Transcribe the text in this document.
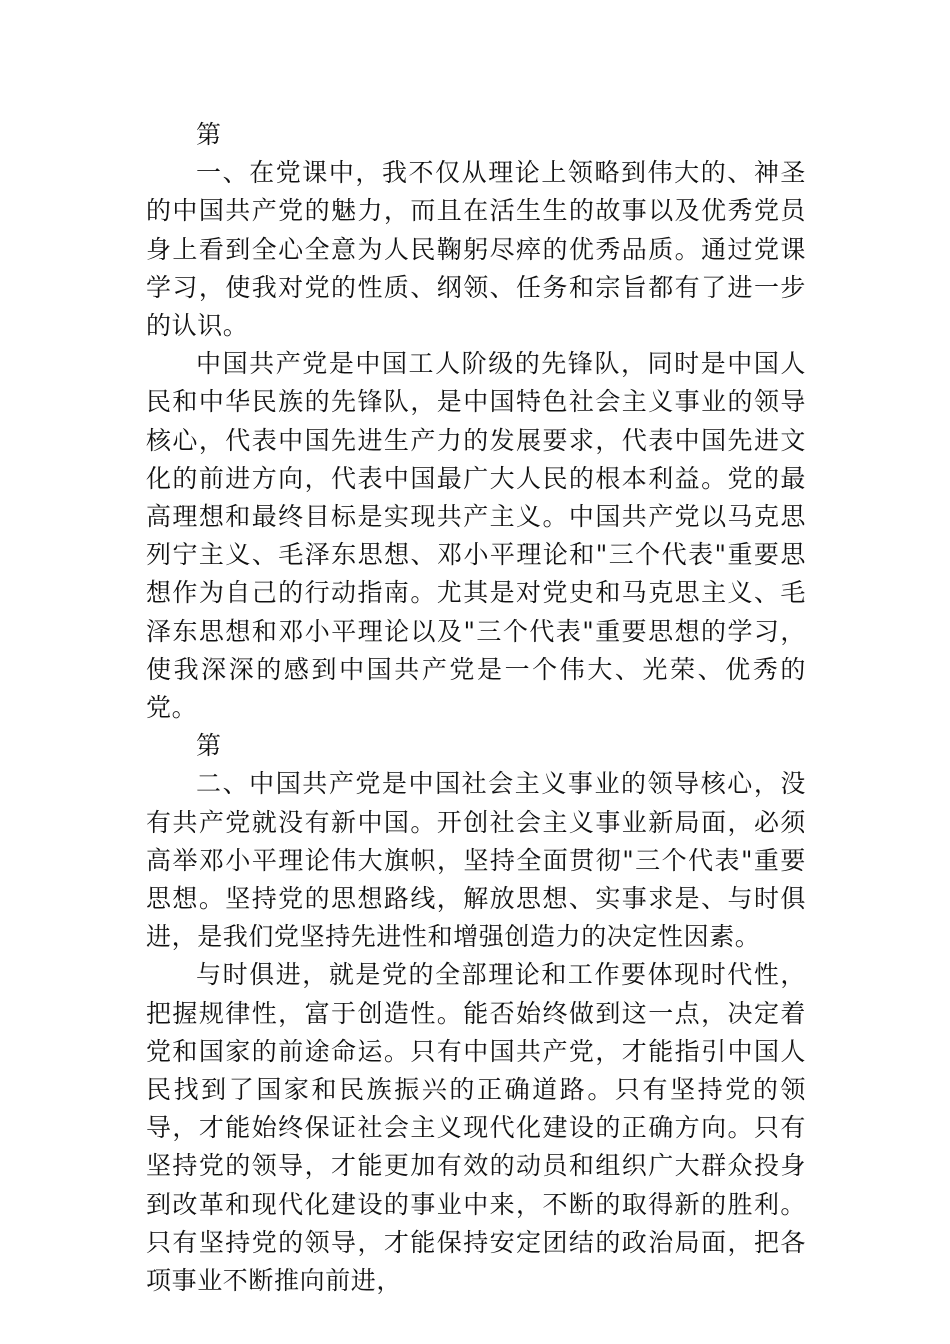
第

一、在党课中，我不仅从理论上领略到伟大的、神圣的中国共产党的魅力，而且在活生生的故事以及优秀党员身上看到全心全意为人民鞠躬尽瘁的优秀品质。通过党课学习，使我对党的性质、纲领、任务和宗旨都有了进一步的认识。

中国共产党是中国工人阶级的先锋队，同时是中国人民和中华民族的先锋队，是中国特色社会主义事业的领导核心，代表中国先进生产力的发展要求，代表中国先进文化的前进方向，代表中国最广大人民的根本利益。党的最高理想和最终目标是实现共产主义。中国共产党以马克思列宁主义、毛泽东思想、邓小平理论和"三个代表"重要思想作为自己的行动指南。尤其是对党史和马克思主义、毛泽东思想和邓小平理论以及"三个代表"重要思想的学习，使我深深的感到中国共产党是一个伟大、光荣、优秀的党。

第

二、中国共产党是中国社会主义事业的领导核心，没有共产党就没有新中国。开创社会主义事业新局面，必须高举邓小平理论伟大旗帜，坚持全面贯彻"三个代表"重要思想。坚持党的思想路线，解放思想、实事求是、与时俱进，是我们党坚持先进性和增强创造力的决定性因素。

与时俱进，就是党的全部理论和工作要体现时代性，把握规律性，富于创造性。能否始终做到这一点，决定着党和国家的前途命运。只有中国共产党，才能指引中国人民找到了国家和民族振兴的正确道路。只有坚持党的领导，才能始终保证社会主义现代化建设的正确方向。只有坚持党的领导，才能更加有效的动员和组织广大群众投身到改革和现代化建设的事业中来，不断的取得新的胜利。只有坚持党的领导，才能保持安定团结的政治局面，把各项事业不断推向前进，
